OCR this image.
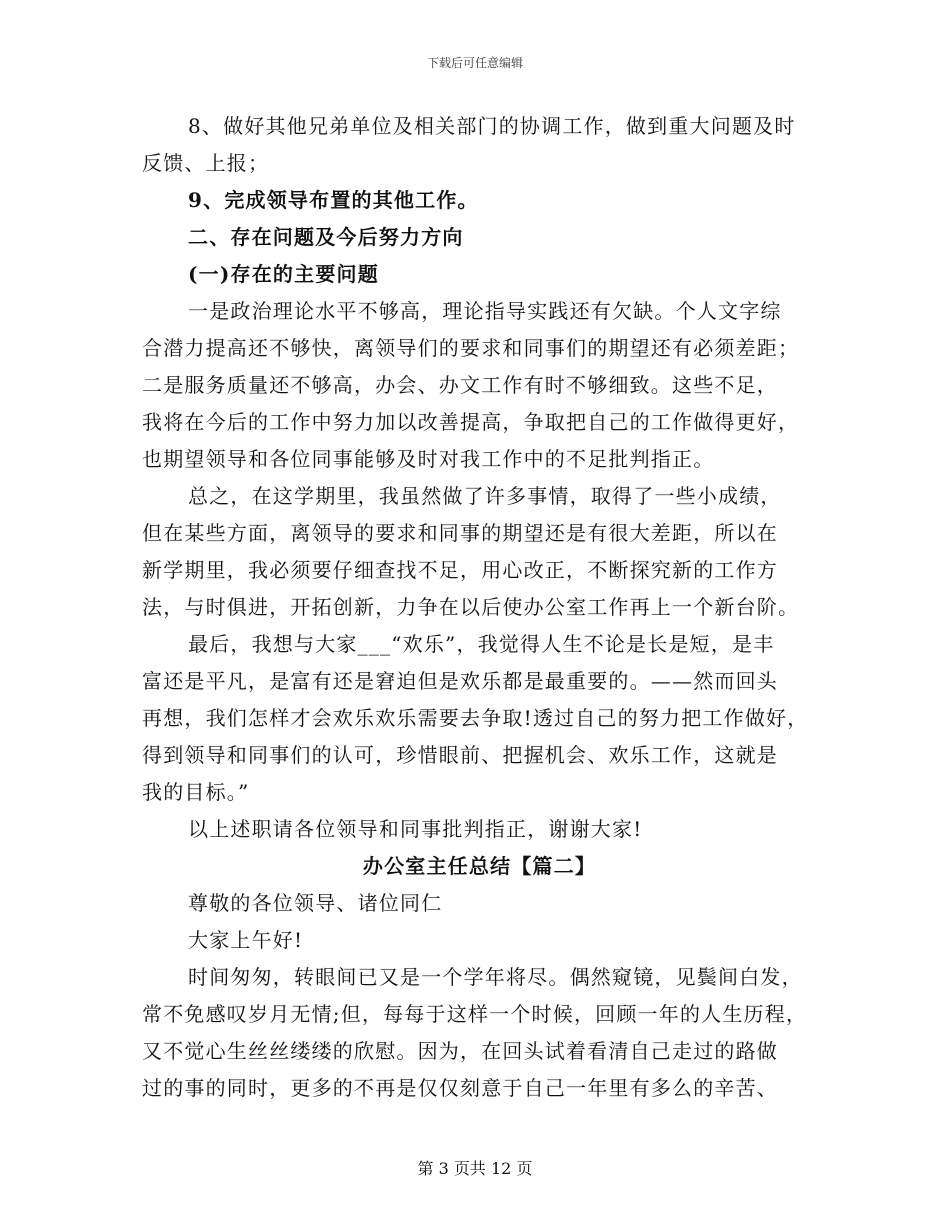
下载后可任意编辑
8、做好其他兄弟单位及相关部门的协调工作，做到重大问题及时
反馈、上报；
9、完成领导布置的其他工作。
二、存在问题及今后努力方向
(一)存在的主要问题
一是政治理论水平不够高，理论指导实践还有欠缺。个人文字综
合潜力提高还不够快，离领导们的要求和同事们的期望还有必须差距；
二是服务质量还不够高，办会、办文工作有时不够细致。这些不足，
我将在今后的工作中努力加以改善提高，争取把自己的工作做得更好，
也期望领导和各位同事能够及时对我工作中的不足批判指正。
总之，在这学期里，我虽然做了许多事情，取得了一些小成绩，
但在某些方面，离领导的要求和同事的期望还是有很大差距，所以在
新学期里，我必须要仔细查找不足，用心改正，不断探究新的工作方
法，与时俱进，开拓创新，力争在以后使办公室工作再上一个新台阶。
最后，我想与大家___“欢乐”，我觉得人生不论是长是短，是丰
富还是平凡，是富有还是窘迫但是欢乐都是最重要的。——然而回头
再想，我们怎样才会欢乐欢乐需要去争取!透过自己的努力把工作做好，
得到领导和同事们的认可，珍惜眼前、把握机会、欢乐工作，这就是
我的目标。”
以上述职请各位领导和同事批判指正，谢谢大家!
办公室主任总结【篇二】
尊敬的各位领导、诸位同仁
大家上午好!
时间匆匆，转眼间已又是一个学年将尽。偶然窥镜，见鬓间白发，
常不免感叹岁月无情;但，每每于这样一个时候，回顾一年的人生历程，
又不觉心生丝丝缕缕的欣慰。因为，在回头试着看清自己走过的路做
过的事的同时，更多的不再是仅仅刻意于自己一年里有多么的辛苦、
第 3 页共 12 页
